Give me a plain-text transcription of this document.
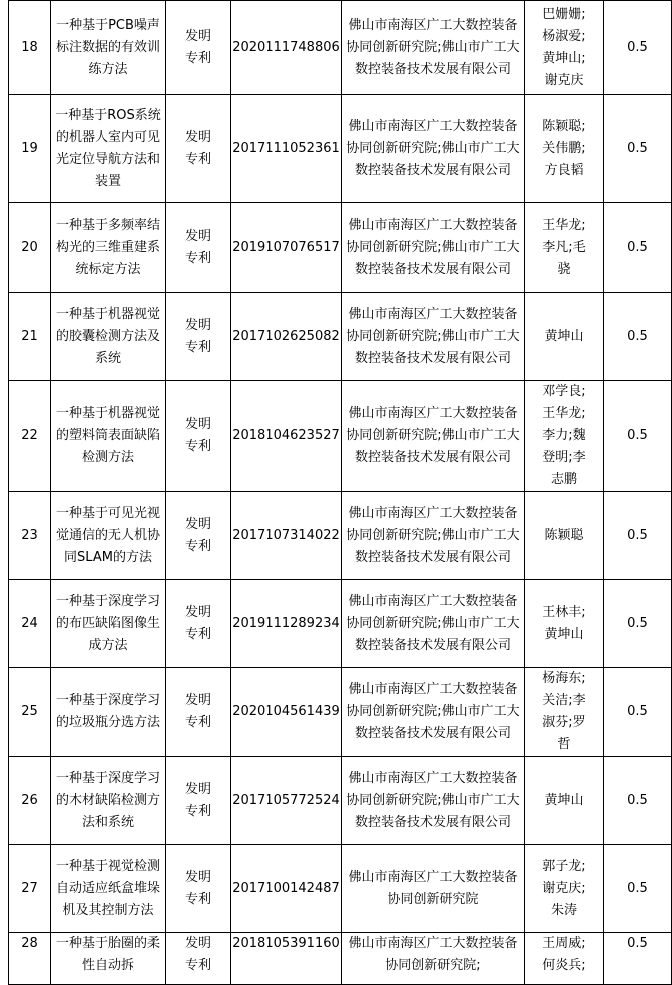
18	一种基于PCB噪声标注数据的有效训练方法	发明
专利	2020111748806	佛山市南海区广工大数控装备协同创新研究院;佛山市广工大数控装备技术发展有限公司	巴姗姗;
杨淑爱;
黄坤山;
谢克庆	0.5

19	一种基于ROS系统的机器人室内可见光定位导航方法和装置	发明
专利	2017111052361	佛山市南海区广工大数控装备协同创新研究院;佛山市广工大数控装备技术发展有限公司	陈颖聪;
关伟鹏;
方良韬	0.5

20	一种基于多频率结构光的三维重建系统标定方法	发明
专利	2019107076517	佛山市南海区广工大数控装备协同创新研究院;佛山市广工大数控装备技术发展有限公司	王华龙;
李凡;毛
骁	0.5

21	一种基于机器视觉的胶囊检测方法及系统	发明
专利	2017102625082	佛山市南海区广工大数控装备协同创新研究院;佛山市广工大数控装备技术发展有限公司	黄坤山	0.5

22	一种基于机器视觉的塑料筒表面缺陷检测方法	发明
专利	2018104623527	佛山市南海区广工大数控装备协同创新研究院;佛山市广工大数控装备技术发展有限公司	邓学良;
王华龙;
李力;魏
登明;李
志鹏	0.5

23	一种基于可见光视觉通信的无人机协同SLAM的方法	发明
专利	2017107314022	佛山市南海区广工大数控装备协同创新研究院;佛山市广工大数控装备技术发展有限公司	陈颖聪	0.5

24	一种基于深度学习的布匹缺陷图像生成方法	发明
专利	2019111289234	佛山市南海区广工大数控装备协同创新研究院;佛山市广工大数控装备技术发展有限公司	王林丰;
黄坤山	0.5

25	一种基于深度学习的垃圾瓶分选方法	发明
专利	2020104561439	佛山市南海区广工大数控装备协同创新研究院;佛山市广工大数控装备技术发展有限公司	杨海东;
关洁;李
淑芬;罗
哲	0.5

26	一种基于深度学习的木材缺陷检测方法和系统	发明
专利	2017105772524	佛山市南海区广工大数控装备协同创新研究院;佛山市广工大数控装备技术发展有限公司	黄坤山	0.5

27	一种基于视觉检测自动适应纸盒堆垛机及其控制方法	发明
专利	2017100142487	佛山市南海区广工大数控装备协同创新研究院	郭子龙;
谢克庆;
朱涛	0.5

28	一种基于胎圈的柔性自动拆	发明
专利	2018105391160	佛山市南海区广工大数控装备协同创新研究院;	王周威;
何炎兵;	0.5
